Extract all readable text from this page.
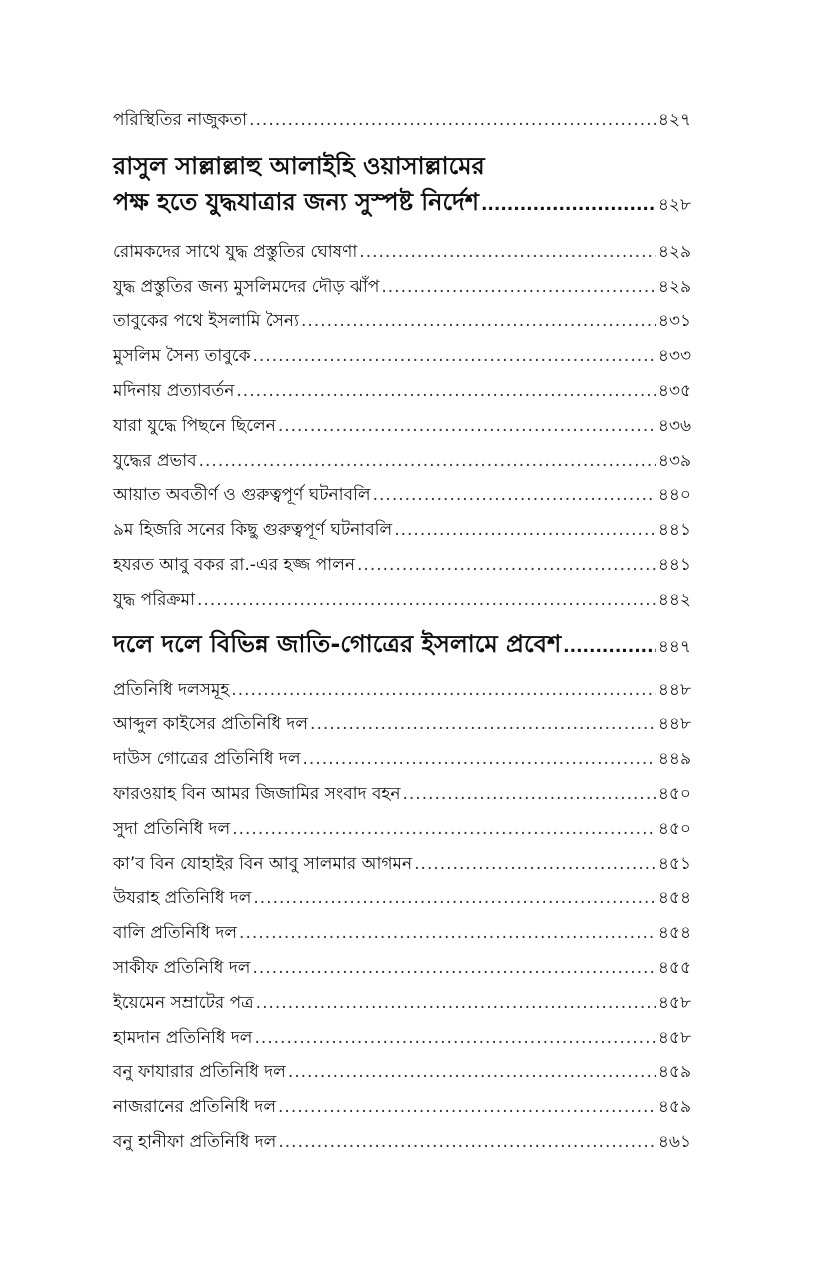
পরিস্থিতির নাজুকতা .....	৪২৭
রাসুল সাল্লাল্লাহু আলাইহি ওয়াসাল্লামের
পক্ষ হতে যুদ্ধযাত্রার জন্য সুস্পষ্ট নির্দেশ .....	৪২৮
রোমকদের সাথে যুদ্ধ প্রস্তুতির ঘোষণা .....	৪২৯
যুদ্ধ প্রস্তুতির জন্য মুসলিমদের দৌড় ঝাঁপ .....	৪২৯
তাবুকের পথে ইসলামি সৈন্য .....	৪৩১
মুসলিম সৈন্য তাবুকে .....	৪৩৩
মদিনায় প্রত্যাবর্তন .....	৪৩৫
যারা যুদ্ধে পিছনে ছিলেন .....	৪৩৬
যুদ্ধের প্রভাব .....	৪৩৯
আয়াত অবতীর্ণ ও গুরুত্বপূর্ণ ঘটনাবলি .....	৪৪০
৯ম হিজরি সনের কিছু গুরুত্বপূর্ণ ঘটনাবলি .....	৪৪১
হযরত আবু বকর রা.-এর হজ্জ পালন .....	৪৪১
যুদ্ধ পরিক্রমা .....	৪৪২
দলে দলে বিভিন্ন জাতি-গোত্রের ইসলামে প্রবেশ .....	৪৪৭
প্রতিনিধি দলসমূহ .....	৪৪৮
আব্দুল কাইসের প্রতিনিধি দল .....	৪৪৮
দাউস গোত্রের প্রতিনিধি দল .....	৪৪৯
ফারওয়াহ বিন আমর জিজামির সংবাদ বহন .....	৪৫০
সুদা প্রতিনিধি দল .....	৪৫০
কা’ব বিন যোহাইর বিন আবু সালমার আগমন .....	৪৫১
উযরাহ প্রতিনিধি দল .....	৪৫৪
বালি প্রতিনিধি দল .....	৪৫৪
সাকীফ প্রতিনিধি দল .....	৪৫৫
ইয়েমেন সম্রাটের পত্র .....	৪৫৮
হামদান প্রতিনিধি দল .....	৪৫৮
বনু ফাযারার প্রতিনিধি দল .....	৪৫৯
নাজরানের প্রতিনিধি দল .....	৪৫৯
বনু হানীফা প্রতিনিধি দল .....	৪৬১
